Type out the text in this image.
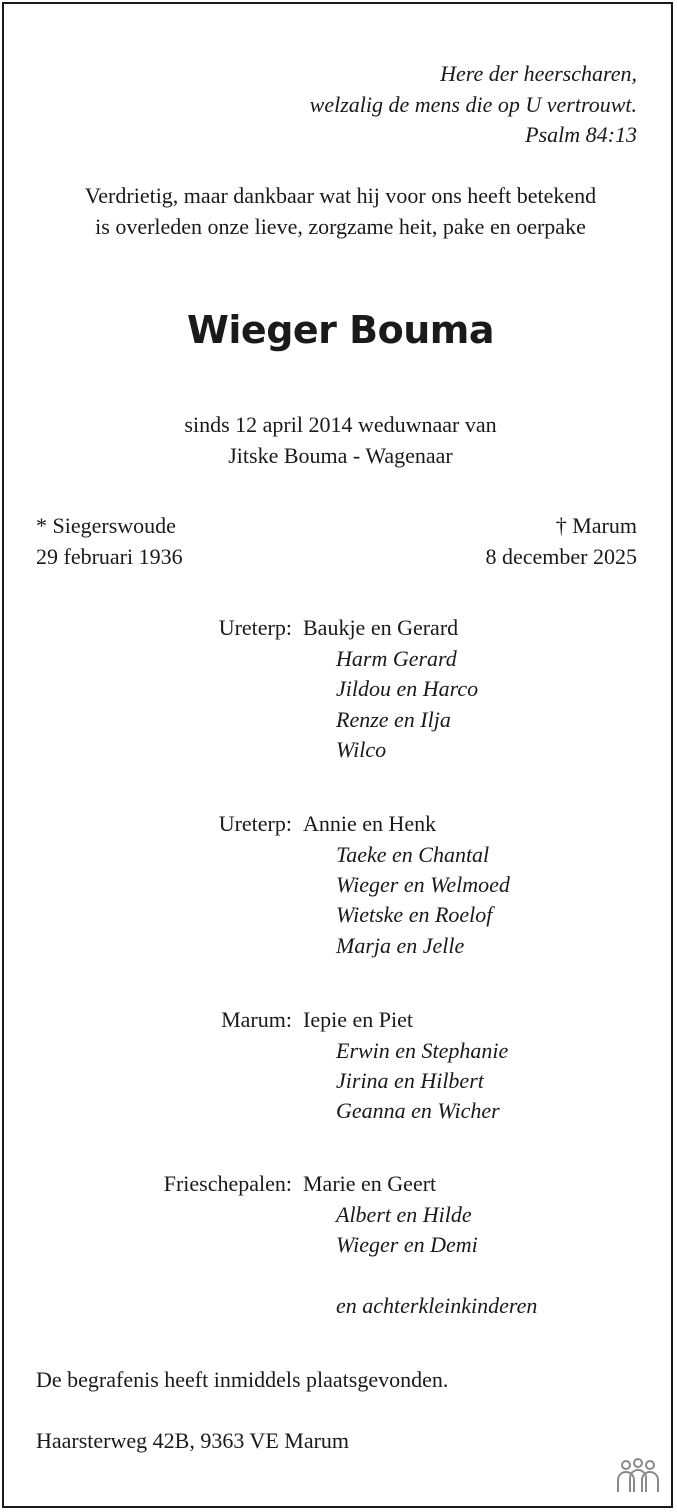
Here der heerscharen,
welzalig de mens die op U vertrouwt.
Psalm 84:13
Verdrietig, maar dankbaar wat hij voor ons heeft betekend
is overleden onze lieve, zorgzame heit, pake en oerpake
Wieger Bouma
sinds 12 april 2014 weduwnaar van
Jitske Bouma - Wagenaar
* Siegerswoude
29 februari 1936
† Marum
8 december 2025
Ureterp: Baukje en Gerard
Harm Gerard
Jildou en Harco
Renze en Ilja
Wilco
Ureterp: Annie en Henk
Taeke en Chantal
Wieger en Welmoed
Wietske en Roelof
Marja en Jelle
Marum: Iepie en Piet
Erwin en Stephanie
Jirina en Hilbert
Geanna en Wicher
Frieschepalen: Marie en Geert
Albert en Hilde
Wieger en Demi
en achterkleinkinderen
De begrafenis heeft inmiddels plaatsgevonden.
Haarsterweg 42B, 9363 VE Marum
